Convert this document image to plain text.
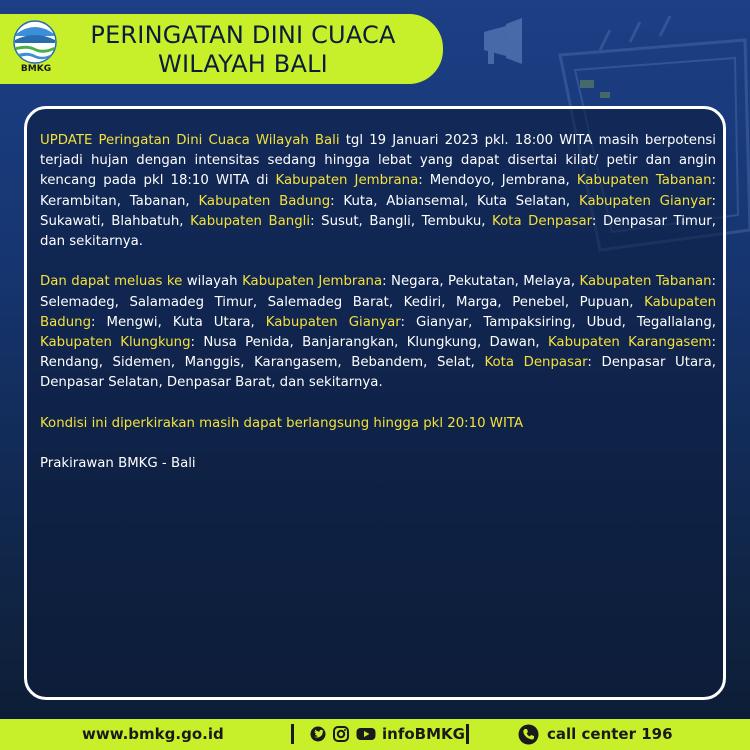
BMKG
PERINGATAN DINI CUACA
WILAYAH BALI

UPDATE Peringatan Dini Cuaca Wilayah Bali tgl 19 Januari 2023 pkl. 18:00 WITA masih berpotensi terjadi hujan dengan intensitas sedang hingga lebat yang dapat disertai kilat/ petir dan angin kencang pada pkl 18:10 WITA di Kabupaten Jembrana: Mendoyo, Jembrana, Kabupaten Tabanan: Kerambitan, Tabanan, Kabupaten Badung: Kuta, Abiansemal, Kuta Selatan, Kabupaten Gianyar: Sukawati, Blahbatuh, Kabupaten Bangli: Susut, Bangli, Tembuku, Kota Denpasar: Denpasar Timur, dan sekitarnya.

Dan dapat meluas ke wilayah Kabupaten Jembrana: Negara, Pekutatan, Melaya, Kabupaten Tabanan: Selemadeg, Salamadeg Timur, Salemadeg Barat, Kediri, Marga, Penebel, Pupuan, Kabupaten Badung: Mengwi, Kuta Utara, Kabupaten Gianyar: Gianyar, Tampaksiring, Ubud, Tegallalang, Kabupaten Klungkung: Nusa Penida, Banjarangkan, Klungkung, Dawan, Kabupaten Karangasem: Rendang, Sidemen, Manggis, Karangasem, Bebandem, Selat, Kota Denpasar: Denpasar Utara, Denpasar Selatan, Denpasar Barat, dan sekitarnya.

Kondisi ini diperkirakan masih dapat berlangsung hingga pkl 20:10 WITA

Prakirawan BMKG - Bali

www.bmkg.go.id	infoBMKG	call center 196
